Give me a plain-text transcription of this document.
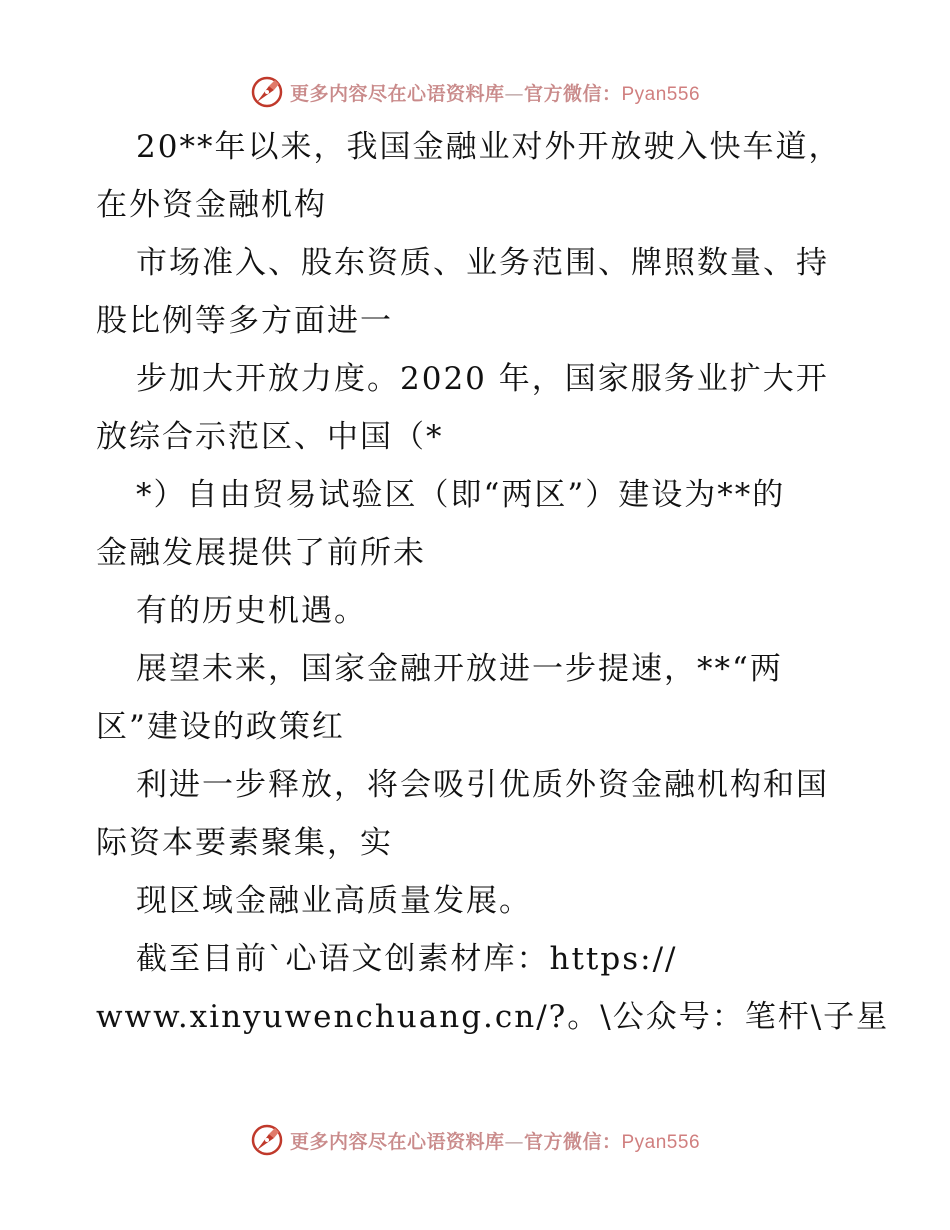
更多内容尽在心语资料库—官方微信：Pyan556
20**年以来，我国金融业对外开放驶入快车道，
在外资金融机构
市场准入、股东资质、业务范围、牌照数量、持
股比例等多方面进一
步加大开放力度。2020 年，国家服务业扩大开
放综合示范区、中国（*
*）自由贸易试验区（即“两区”）建设为**的
金融发展提供了前所未
有的历史机遇。
展望未来，国家金融开放进一步提速，**“两
区”建设的政策红
利进一步释放，将会吸引优质外资金融机构和国
际资本要素聚集，实
现区域金融业高质量发展。
截至目前`心语文创素材库：https://
www.xinyuwenchuang.cn/?。\公众号：笔杆\子星
更多内容尽在心语资料库—官方微信：Pyan556
